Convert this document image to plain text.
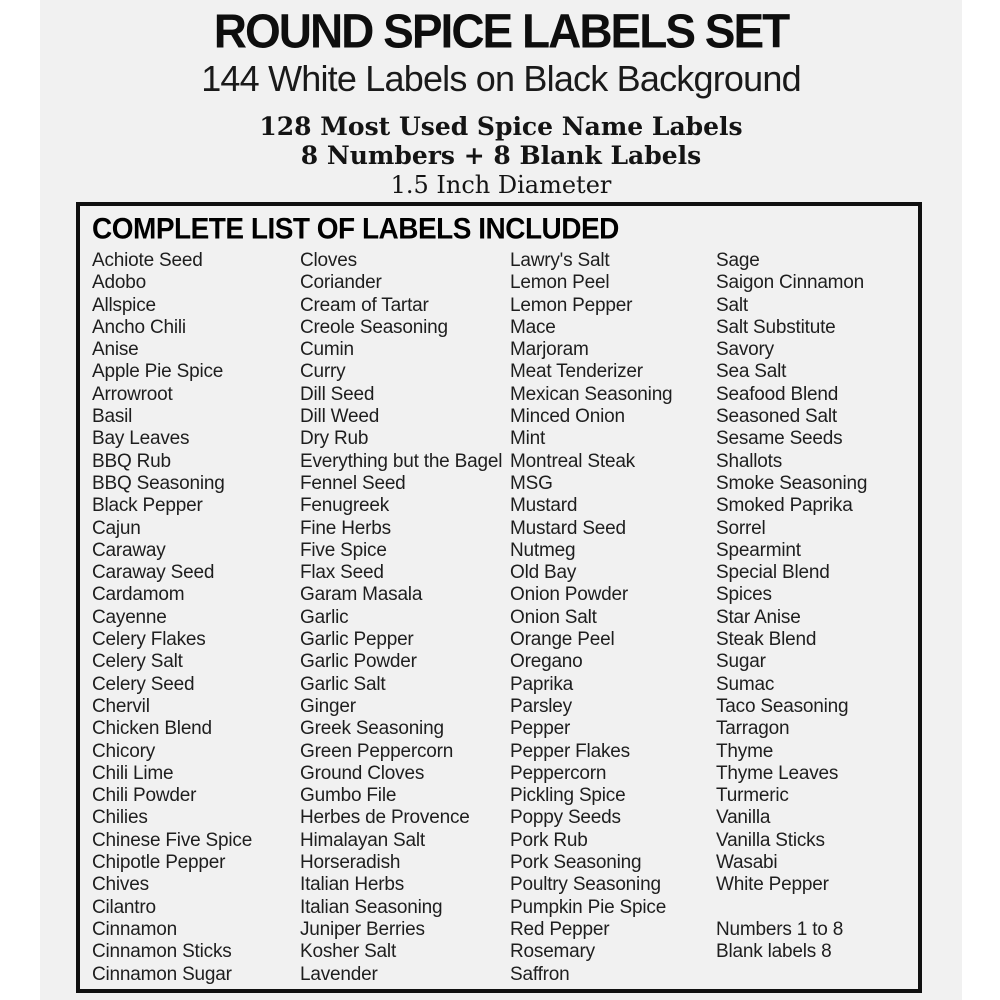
ROUND SPICE LABELS SET
144 White Labels on Black Background
128 Most Used Spice Name Labels
8 Numbers + 8 Blank Labels
1.5 Inch Diameter
COMPLETE LIST OF LABELS INCLUDED
Achiote Seed
Adobo
Allspice
Ancho Chili
Anise
Apple Pie Spice
Arrowroot
Basil
Bay Leaves
BBQ Rub
BBQ Seasoning
Black Pepper
Cajun
Caraway
Caraway Seed
Cardamom
Cayenne
Celery Flakes
Celery Salt
Celery Seed
Chervil
Chicken Blend
Chicory
Chili Lime
Chili Powder
Chilies
Chinese Five Spice
Chipotle Pepper
Chives
Cilantro
Cinnamon
Cinnamon Sticks
Cinnamon Sugar
Cloves
Coriander
Cream of Tartar
Creole Seasoning
Cumin
Curry
Dill Seed
Dill Weed
Dry Rub
Everything but the Bagel
Fennel Seed
Fenugreek
Fine Herbs
Five Spice
Flax Seed
Garam Masala
Garlic
Garlic Pepper
Garlic Powder
Garlic Salt
Ginger
Greek Seasoning
Green Peppercorn
Ground Cloves
Gumbo File
Herbes de Provence
Himalayan Salt
Horseradish
Italian Herbs
Italian Seasoning
Juniper Berries
Kosher Salt
Lavender
Lawry's Salt
Lemon Peel
Lemon Pepper
Mace
Marjoram
Meat Tenderizer
Mexican Seasoning
Minced Onion
Mint
Montreal Steak
MSG
Mustard
Mustard Seed
Nutmeg
Old Bay
Onion Powder
Onion Salt
Orange Peel
Oregano
Paprika
Parsley
Pepper
Pepper Flakes
Peppercorn
Pickling Spice
Poppy Seeds
Pork Rub
Pork Seasoning
Poultry Seasoning
Pumpkin Pie Spice
Red Pepper
Rosemary
Saffron
Sage
Saigon Cinnamon
Salt
Salt Substitute
Savory
Sea Salt
Seafood Blend
Seasoned Salt
Sesame Seeds
Shallots
Smoke Seasoning
Smoked Paprika
Sorrel
Spearmint
Special Blend
Spices
Star Anise
Steak Blend
Sugar
Sumac
Taco Seasoning
Tarragon
Thyme
Thyme Leaves
Turmeric
Vanilla
Vanilla Sticks
Wasabi
White Pepper
Numbers 1 to 8
Blank labels 8
